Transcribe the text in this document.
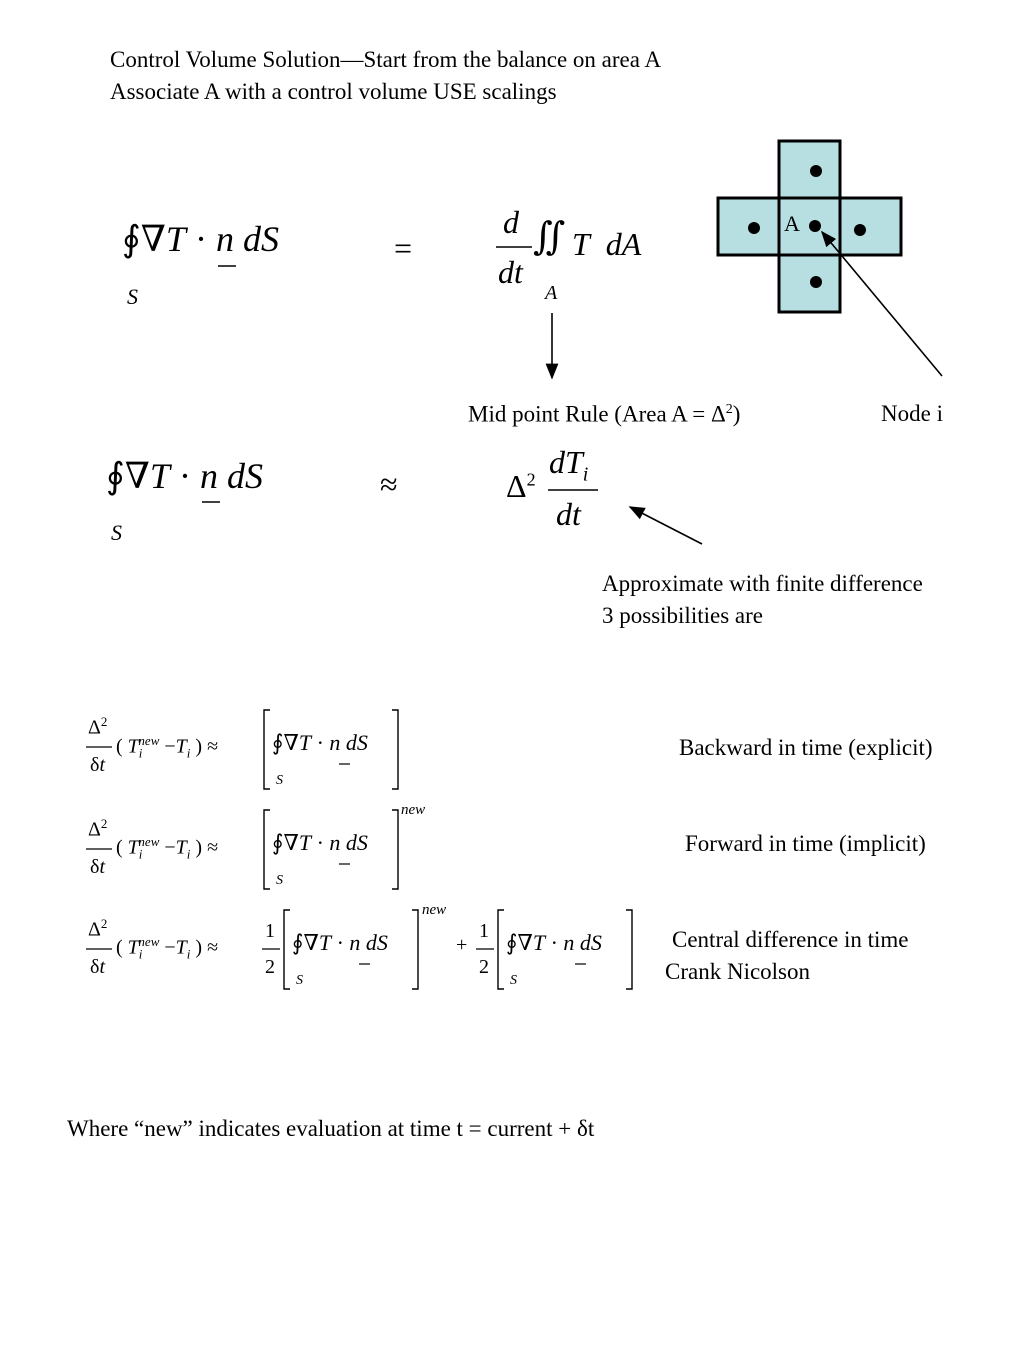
Control Volume Solution—Start from the balance on area A
Associate A with a control volume USE scalings
A
Node i
∮∇T · n dS
S
=
d
dt
∬ T  dA
A
Mid point Rule (Area $A = \Delta^2$)
∮∇T · n dS
S
≈	$\Delta^2$ $dT_i$
dt
Approximate with finite difference
3 possibilities are
$\Delta^2$
δt
( $T_i^{new} -T_i$ ) ≈ ∮∇T · n dS
S
Backward in time (explicit)
$\Delta^2$
δt
( $T_i^{new} -T_i$ ) ≈ ∮∇T · n dS
S
new
Forward in time (implicit)
$\Delta^2$
δt
( $T_i^{new} -T_i$ ) ≈
1
2
∮∇T · n dS
S
new
+
1
2
∮∇T · n dS
S
Central difference in time
Crank Nicolson
Where “new” indicates evaluation at time t = current + δt
